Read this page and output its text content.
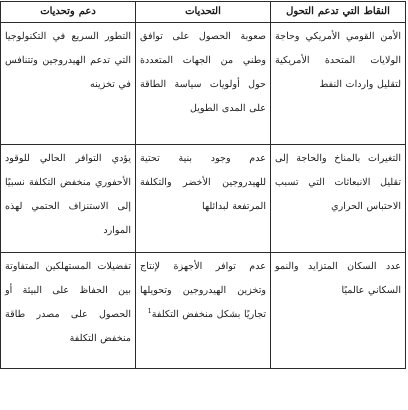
النقاط التي تدعم التحول	التحديات	دعم وتحديات
الأمن القومي الأمريكي وحاجة الولايات المتحدة الأمريكية لتقليل واردات النفط	صعوبة الحصول على توافق وطني من الجهات المتعددة حول أولويات سياسة الطاقة على المدى الطويل	التطور السريع في التكنولوجيا التي تدعم الهيدروجين وتتنافس في تخزينه
التغيرات بالمناخ والحاجة إلى تقليل الانبعاثات التي تسبب الاحتباس الحراري	عدم وجود بنية تحتية للهيدروجين الأخضر والتكلفة المرتفعة لبدائلها	يؤدي التوافر الحالي للوقود الأحفوري منخفض التكلفة نسبيًا إلى الاستنزاف الحتمي لهذه الموارد
عدد السكان المتزايد والنمو السكاني عالميًا	عدم توافر الأجهزة لإنتاج وتخزين الهيدروجين وتحويلها تجاريًا بشكل منخفض التكلفة$^1$	تفضيلات المستهلكين المتفاوتة بين الحفاظ على البيئة أو الحصول على مصدر طاقة منخفض التكلفة
